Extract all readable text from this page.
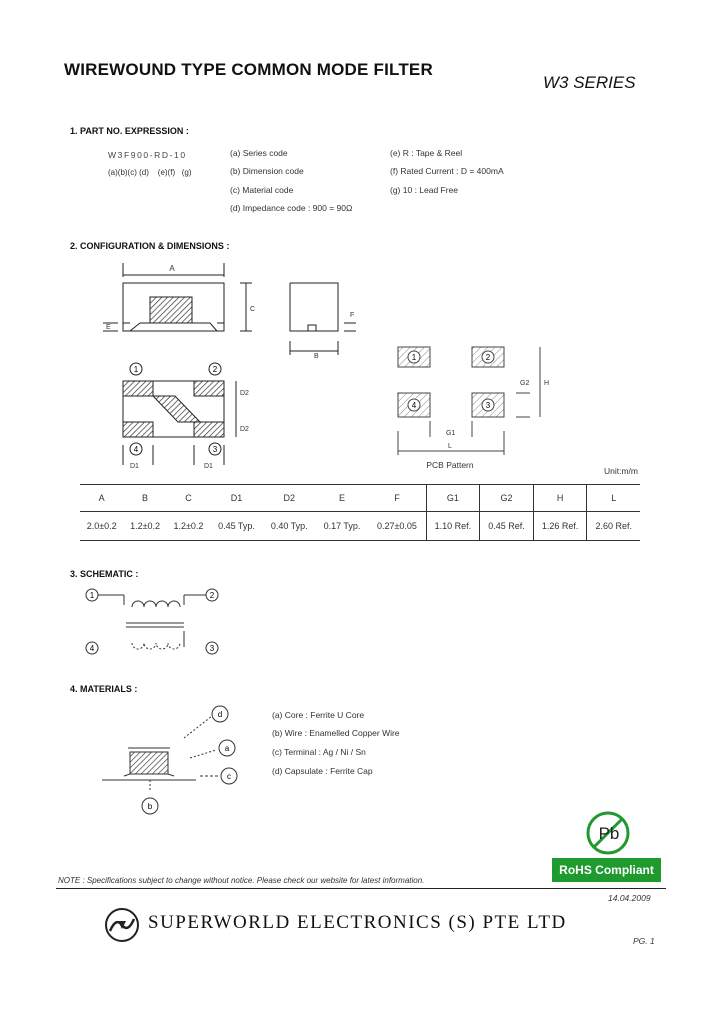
WIREWOUND TYPE COMMON MODE FILTER
W3 SERIES
1. PART NO. EXPRESSION :
W3F900-RD-10
(a)(b)(c) (d)    (e)(f)   (g)
(a) Series code
(b) Dimension code
(c) Material code
(d) Impedance code : 900 = 90Ω
(e) R : Tape & Reel
(f) Rated Current : D = 400mA
(g) 10 : Lead Free
2. CONFIGURATION & DIMENSIONS :
A
C
E
B
F
1	2
4	3
D1	D1
D2
D2
1	2
4	3
G1
G2 H
L
PCB Pattern
Unit:m/m
A	B	C	D1	D2	E	F	G1	G2	H	L
2.0±0.2	1.2±0.2	1.2±0.2	0.45 Typ.	0.40 Typ.	0.17 Typ.	0.27±0.05	1.10 Ref.	0.45 Ref.	1.26 Ref.	2.60 Ref.
3. SCHEMATIC :
1	2
4	3
4. MATERIALS :
d
a
c
b
(a) Core : Ferrite U Core
(b) Wire : Enamelled Copper Wire
(c) Terminal : Ag / Ni / Sn
(d) Capsulate : Ferrite Cap
Pb
RoHS Compliant
NOTE : Specifications subject to change without notice. Please check our website for latest information.
14.04.2009
SUPERWORLD ELECTRONICS (S) PTE LTD
PG. 1
